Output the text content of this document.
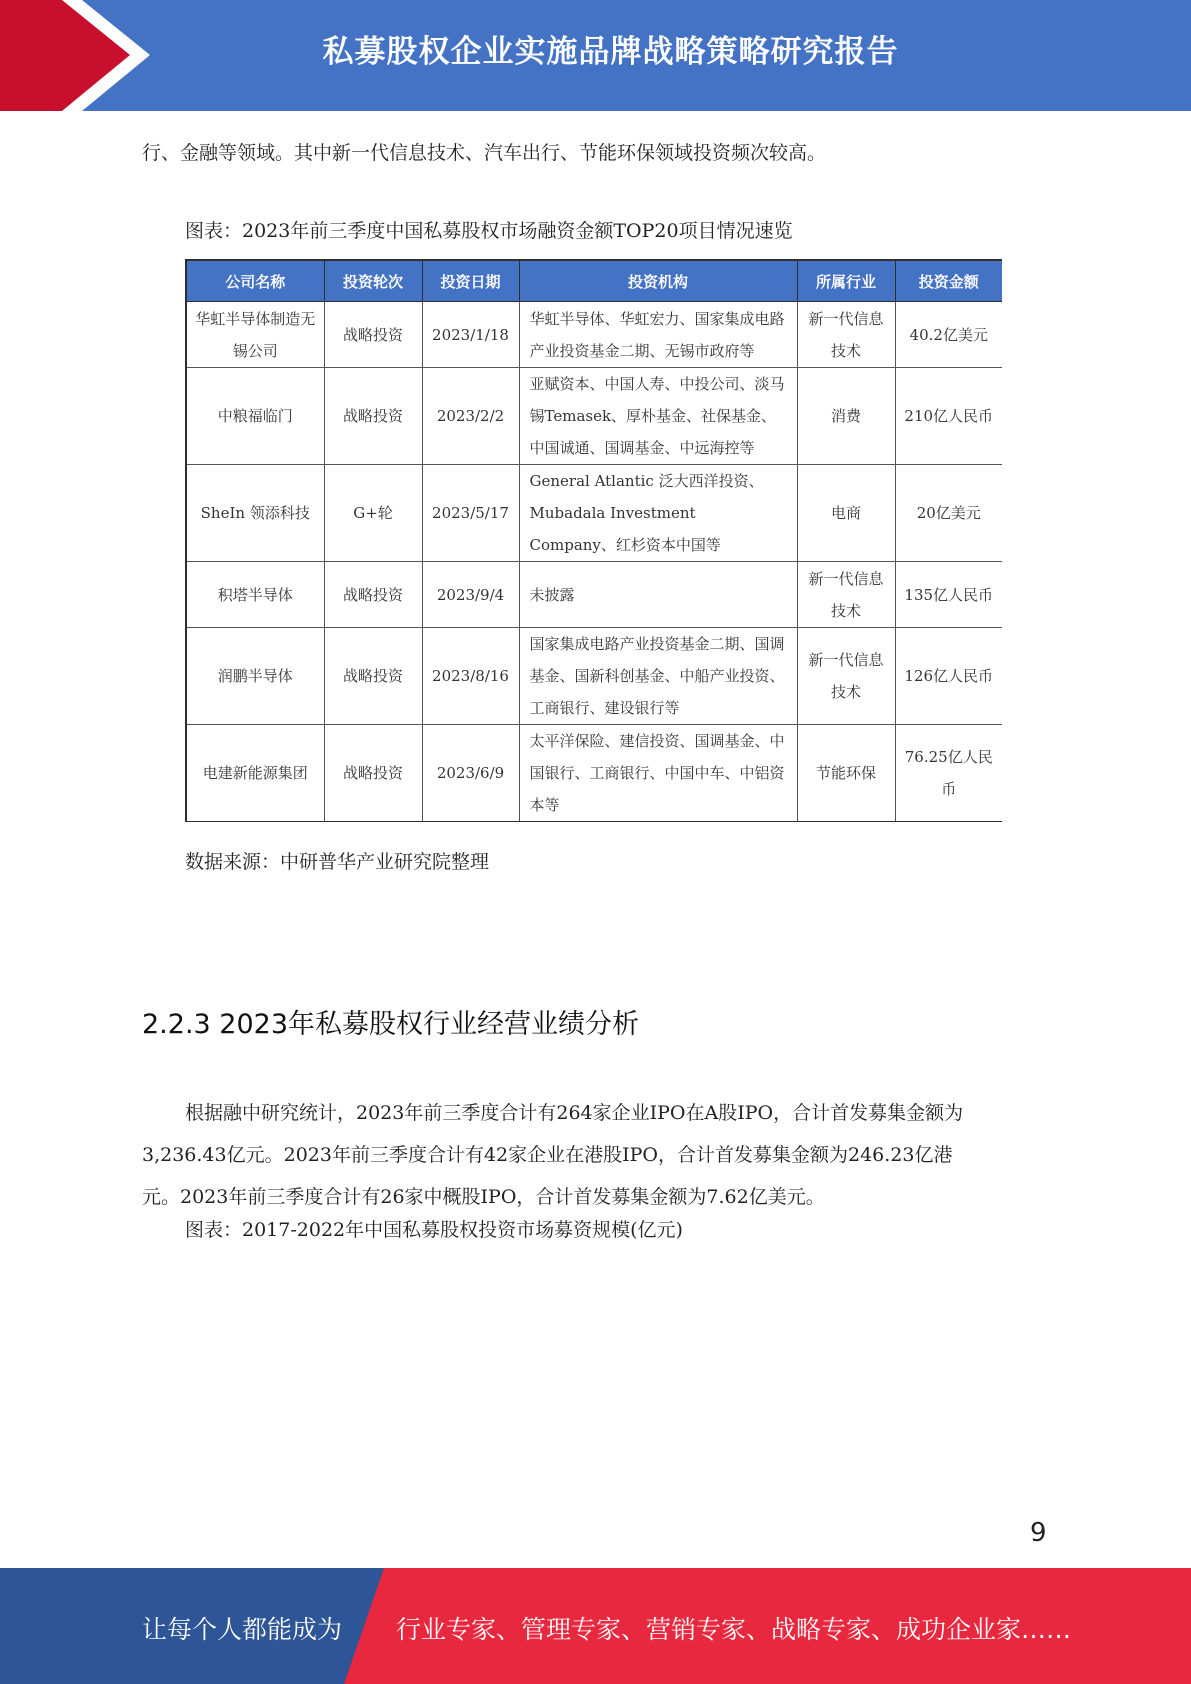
私募股权企业实施品牌战略策略研究报告
行、金融等领域。其中新一代信息技术、汽车出行、节能环保领域投资频次较高。
图表：2023年前三季度中国私募股权市场融资金额TOP20项目情况速览
公司名称	投资轮次	投资日期	投资机构	所属行业	投资金额
华虹半导体制造无锡公司	战略投资	2023/1/18	华虹半导体、华虹宏力、国家集成电路产业投资基金二期、无锡市政府等	新一代信息技术	40.2亿美元
中粮福临门	战略投资	2023/2/2	亚赋资本、中国人寿、中投公司、淡马锡Temasek、厚朴基金、社保基金、中国诚通、国调基金、中远海控等	消费	210亿人民币
SheIn 领添科技	G+轮	2023/5/17	General Atlantic 泛大西洋投资、Mubadala Investment Company、红杉资本中国等	电商	20亿美元
积塔半导体	战略投资	2023/9/4	未披露	新一代信息技术	135亿人民币
润鹏半导体	战略投资	2023/8/16	国家集成电路产业投资基金二期、国调基金、国新科创基金、中船产业投资、工商银行、建设银行等	新一代信息技术	126亿人民币
电建新能源集团	战略投资	2023/6/9	太平洋保险、建信投资、国调基金、中国银行、工商银行、中国中车、中铝资本等	节能环保	76.25亿人民币
数据来源：中研普华产业研究院整理
2.2.3 2023年私募股权行业经营业绩分析
根据融中研究统计，2023年前三季度合计有264家企业IPO在A股IPO，合计首发募集金额为
3,236.43亿元。2023年前三季度合计有42家企业在港股IPO，合计首发募集金额为246.23亿港
元。2023年前三季度合计有26家中概股IPO，合计首发募集金额为7.62亿美元。
图表：2017-2022年中国私募股权投资市场募资规模(亿元)
9
让每个人都能成为 行业专家、管理专家、营销专家、战略专家、成功企业家……
